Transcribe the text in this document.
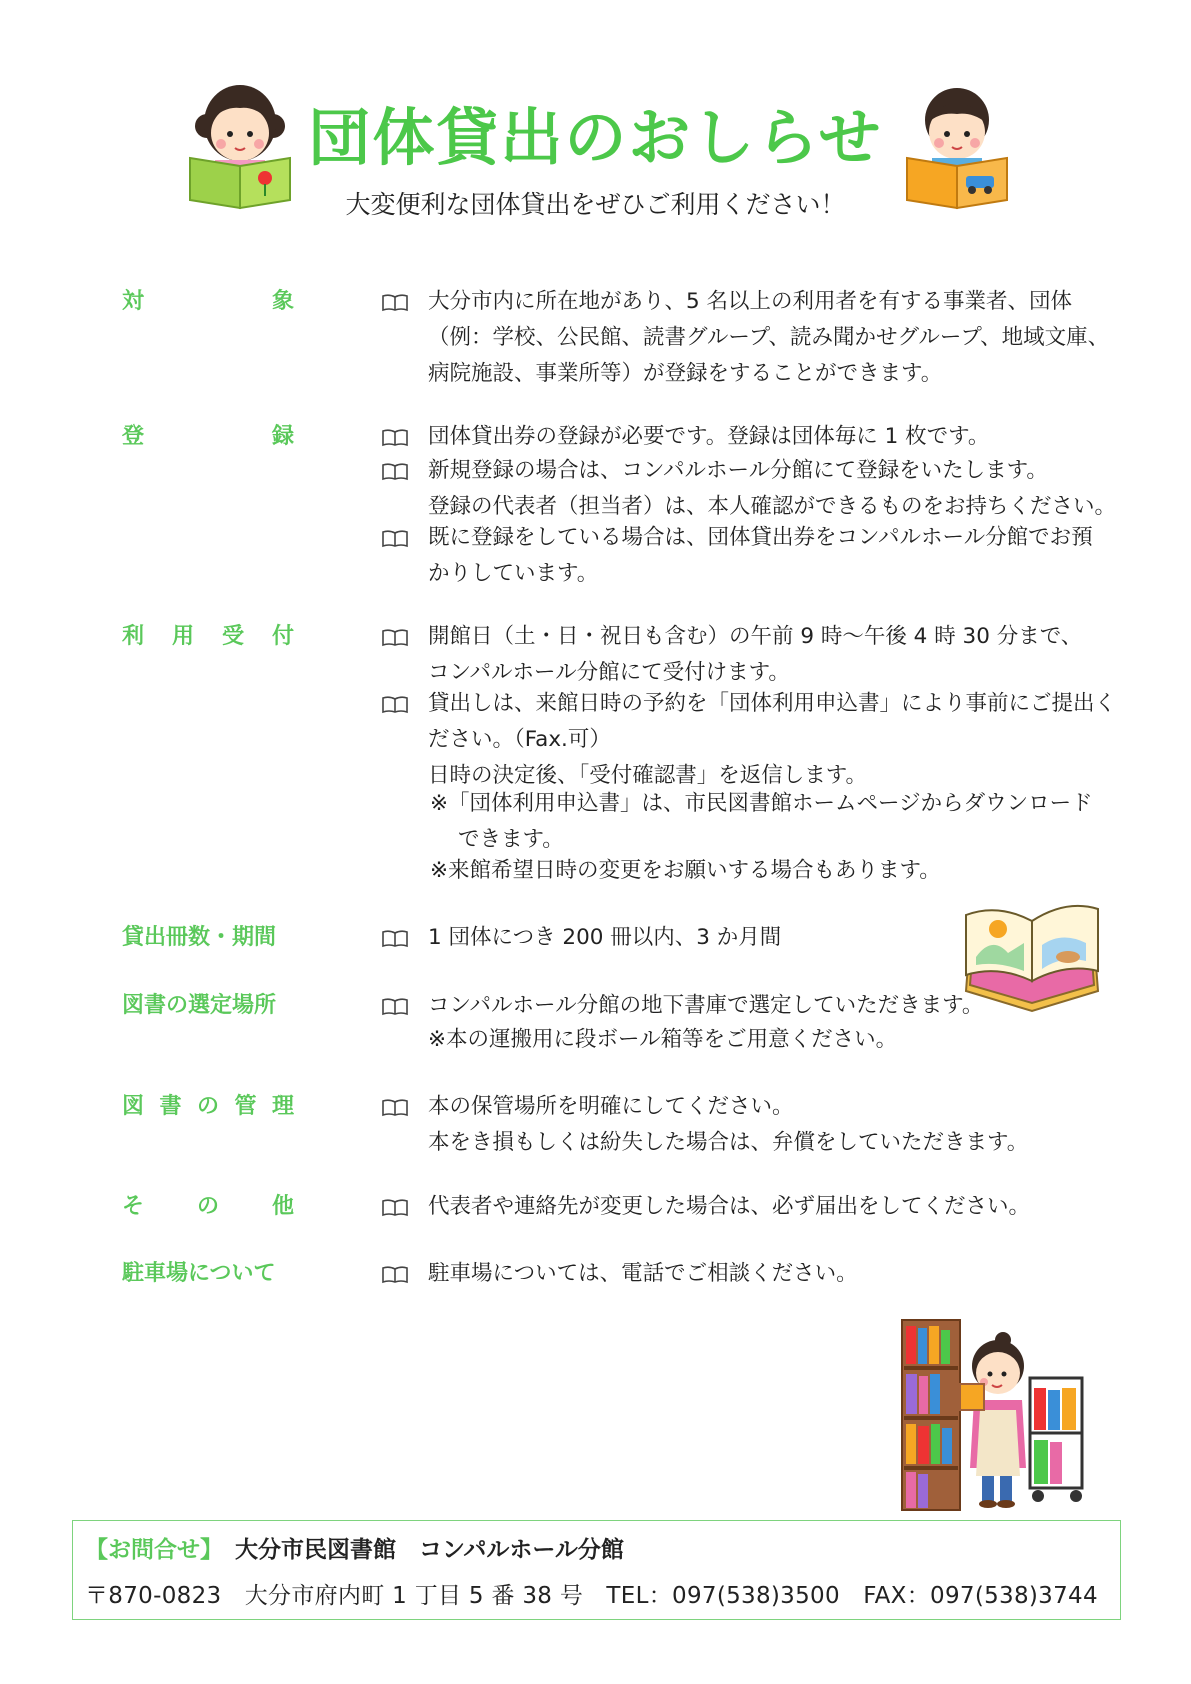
団体貸出のおしらせ
大変便利な団体貸出をぜひご利用ください！
対　　象
登　　録
利用受付
貸出冊数・期間
図書の選定場所
図書の管理
そ　の　他
駐車場について
大分市内に所在地があり、5 名以上の利用者を有する事業者、団体
（例：学校、公民館、読書グループ、読み聞かせグループ、地域文庫、
病院施設、事業所等）が登録をすることができます。
団体貸出券の登録が必要です。登録は団体毎に 1 枚です。
新規登録の場合は、コンパルホール分館にて登録をいたします。
登録の代表者（担当者）は、本人確認ができるものをお持ちください。
既に登録をしている場合は、団体貸出券をコンパルホール分館でお預
かりしています。
開館日（土・日・祝日も含む）の午前 9 時～午後 4 時 30 分まで、
コンパルホール分館にて受付けます。
貸出しは、来館日時の予約を「団体利用申込書」により事前にご提出く
ださい。（Fax.可）
日時の決定後、「受付確認書」を返信します。
※「団体利用申込書」は、市民図書館ホームページからダウンロード
できます。
※来館希望日時の変更をお願いする場合もあります。
1 団体につき 200 冊以内、3 か月間
コンパルホール分館の地下書庫で選定していただきます。
※本の運搬用に段ボール箱等をご用意ください。
本の保管場所を明確にしてください。
本をき損もしくは紛失した場合は、弁償をしていただきます。
代表者や連絡先が変更した場合は、必ず届出をしてください。
駐車場については、電話でご相談ください。
【お問合せ】 大分市民図書館　コンパルホール分館
〒870-0823　大分市府内町 1 丁目 5 番 38 号　TEL：097(538)3500　FAX：097(538)3744
